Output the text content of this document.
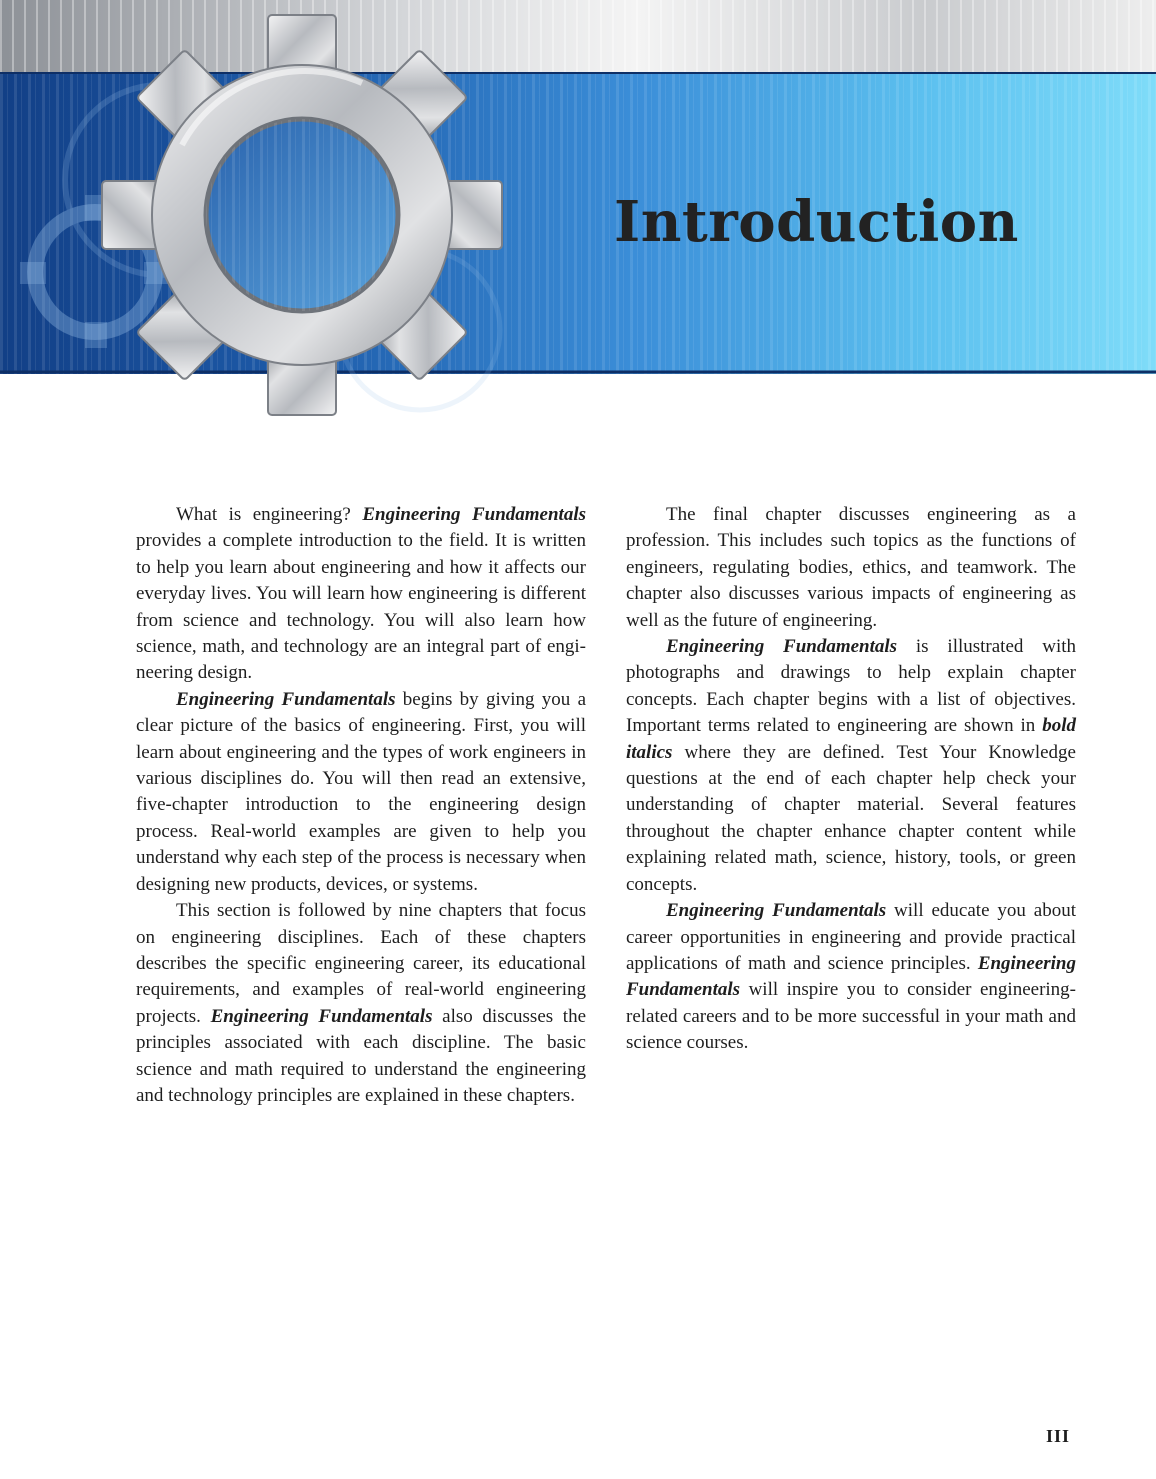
Introduction

What is engineering? Engineering Fundamentals provides a complete introduction to the field. It is written to help you learn about engineering and how it affects our everyday lives. You will learn how engineering is different from science and technology. You will also learn how science, math, and technology are an integral part of engineering design.

Engineering Fundamentals begins by giving you a clear picture of the basics of engineering. First, you will learn about engineering and the types of work engineers in various disciplines do. You will then read an extensive, five-chapter introduction to the engineering design process. Real-world examples are given to help you understand why each step of the process is necessary when designing new products, devices, or systems.

This section is followed by nine chapters that focus on engineering disciplines. Each of these chapters describes the specific engineering career, its educational requirements, and examples of real-world engineering projects. Engineering Fundamentals also discusses the principles associated with each discipline. The basic science and math required to understand the engineering and technology principles are explained in these chapters.

The final chapter discusses engineering as a profession. This includes such topics as the functions of engineers, regulating bodies, ethics, and teamwork. The chapter also discusses various impacts of engineering as well as the future of engineering.

Engineering Fundamentals is illustrated with photographs and drawings to help explain chapter concepts. Each chapter begins with a list of objectives. Important terms related to engineering are shown in bold italics where they are defined. Test Your Knowledge questions at the end of each chapter help check your understanding of chapter material. Several features throughout the chapter enhance chapter content while explaining related math, science, history, tools, or green concepts.

Engineering Fundamentals will educate you about career opportunities in engineering and provide practical applications of math and science principles. Engineering Fundamentals will inspire you to consider engineering-related careers and to be more successful in your math and science courses.

III
